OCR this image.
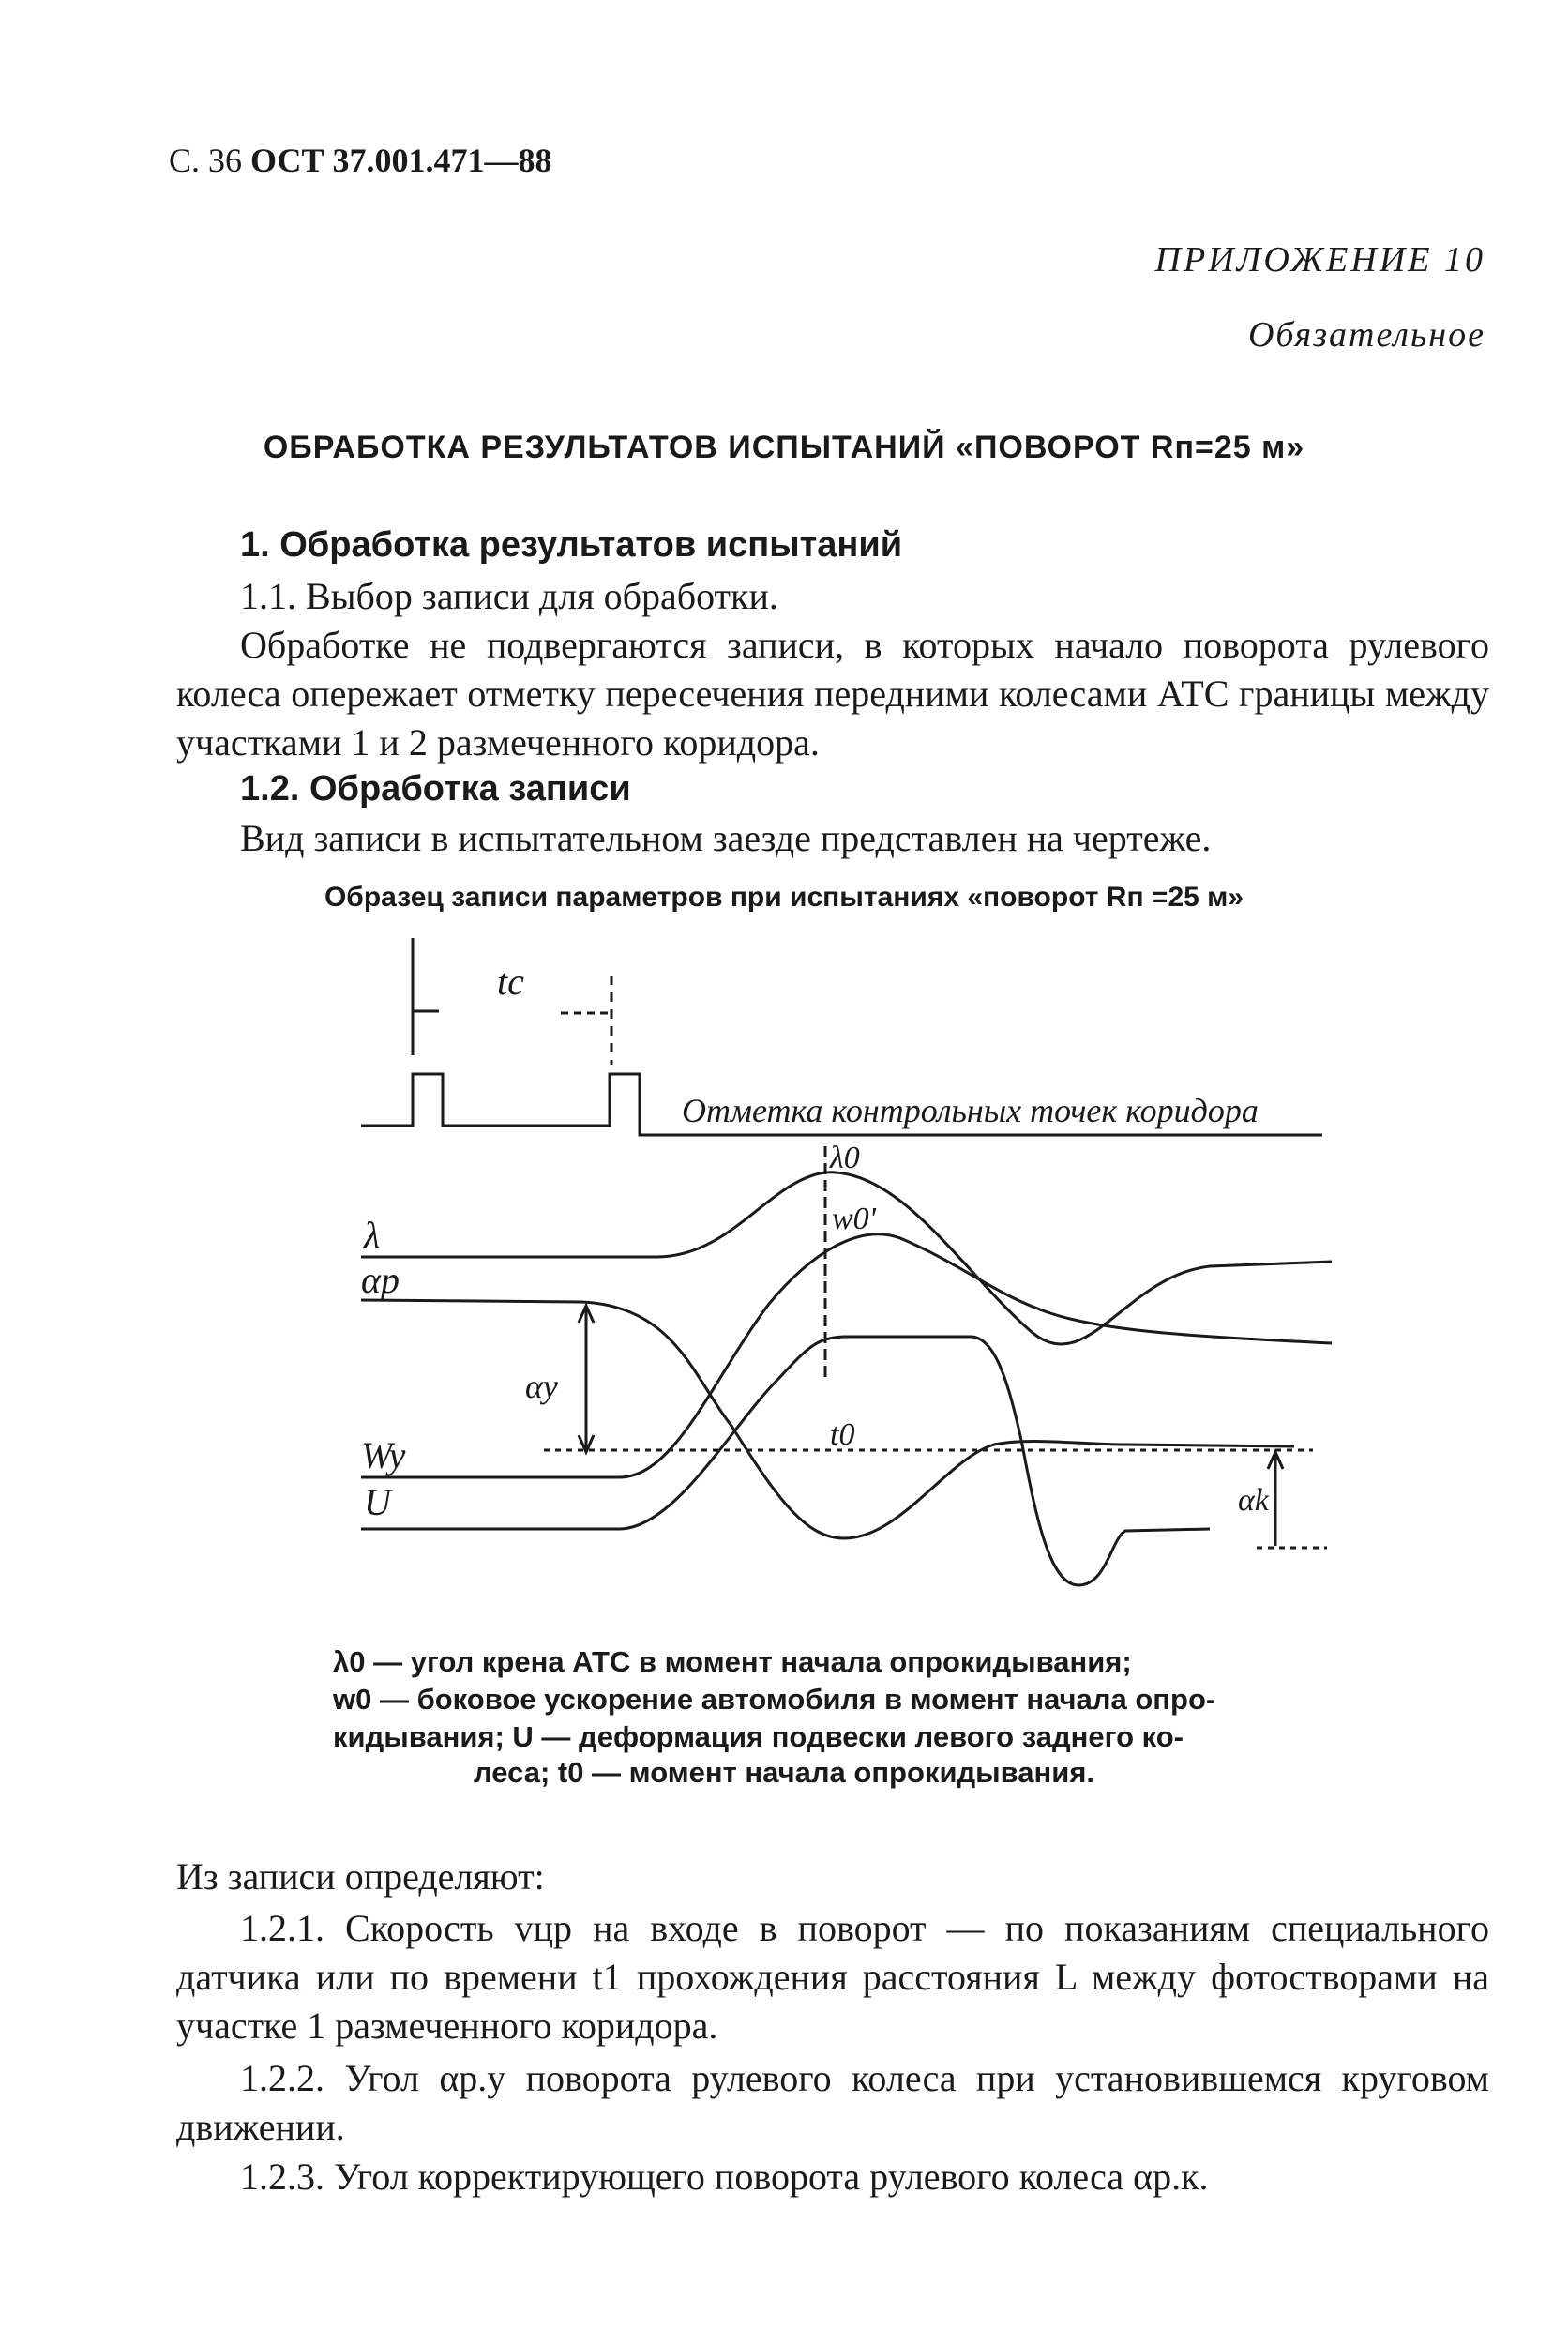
С. 36 ОСТ 37.001.471—88
ПРИЛОЖЕНИЕ 10
Обязательное
ОБРАБОТКА РЕЗУЛЬТАТОВ ИСПЫТАНИЙ «ПОВОРОТ Rп=25 м»
1. Обработка результатов испытаний
1.1. Выбор записи для обработки.
Обработке не подвергаются записи, в которых начало поворота рулевого колеса опережает отметку пересечения передними колесами АТС границы между участками 1 и 2 размеченного коридора.
1.2. Обработка записи
Вид записи в испытательном заезде представлен на чертеже.
Образец записи параметров при испытаниях «поворот Rп =25 м»
tc
Отметка контрольных точек коридора
λ0
w0'
λ
αp
αy
t0
Wy
U	αk
λ0 — угол крена АТС в момент начала опрокидывания;
w0 — боковое ускорение автомобиля в момент начала опро-
кидывания; U — деформация подвески левого заднего ко-
леса; t0 — момент начала опрокидывания.
Из записи определяют:
1.2.1. Скорость vцр на входе в поворот — по показаниям специального датчика или по времени t1 прохождения расстояния L между фотостворами на участке 1 размеченного коридора.
1.2.2. Угол αр.у поворота рулевого колеса при установившемся круговом движении.
1.2.3. Угол корректирующего поворота рулевого колеса αр.к.
